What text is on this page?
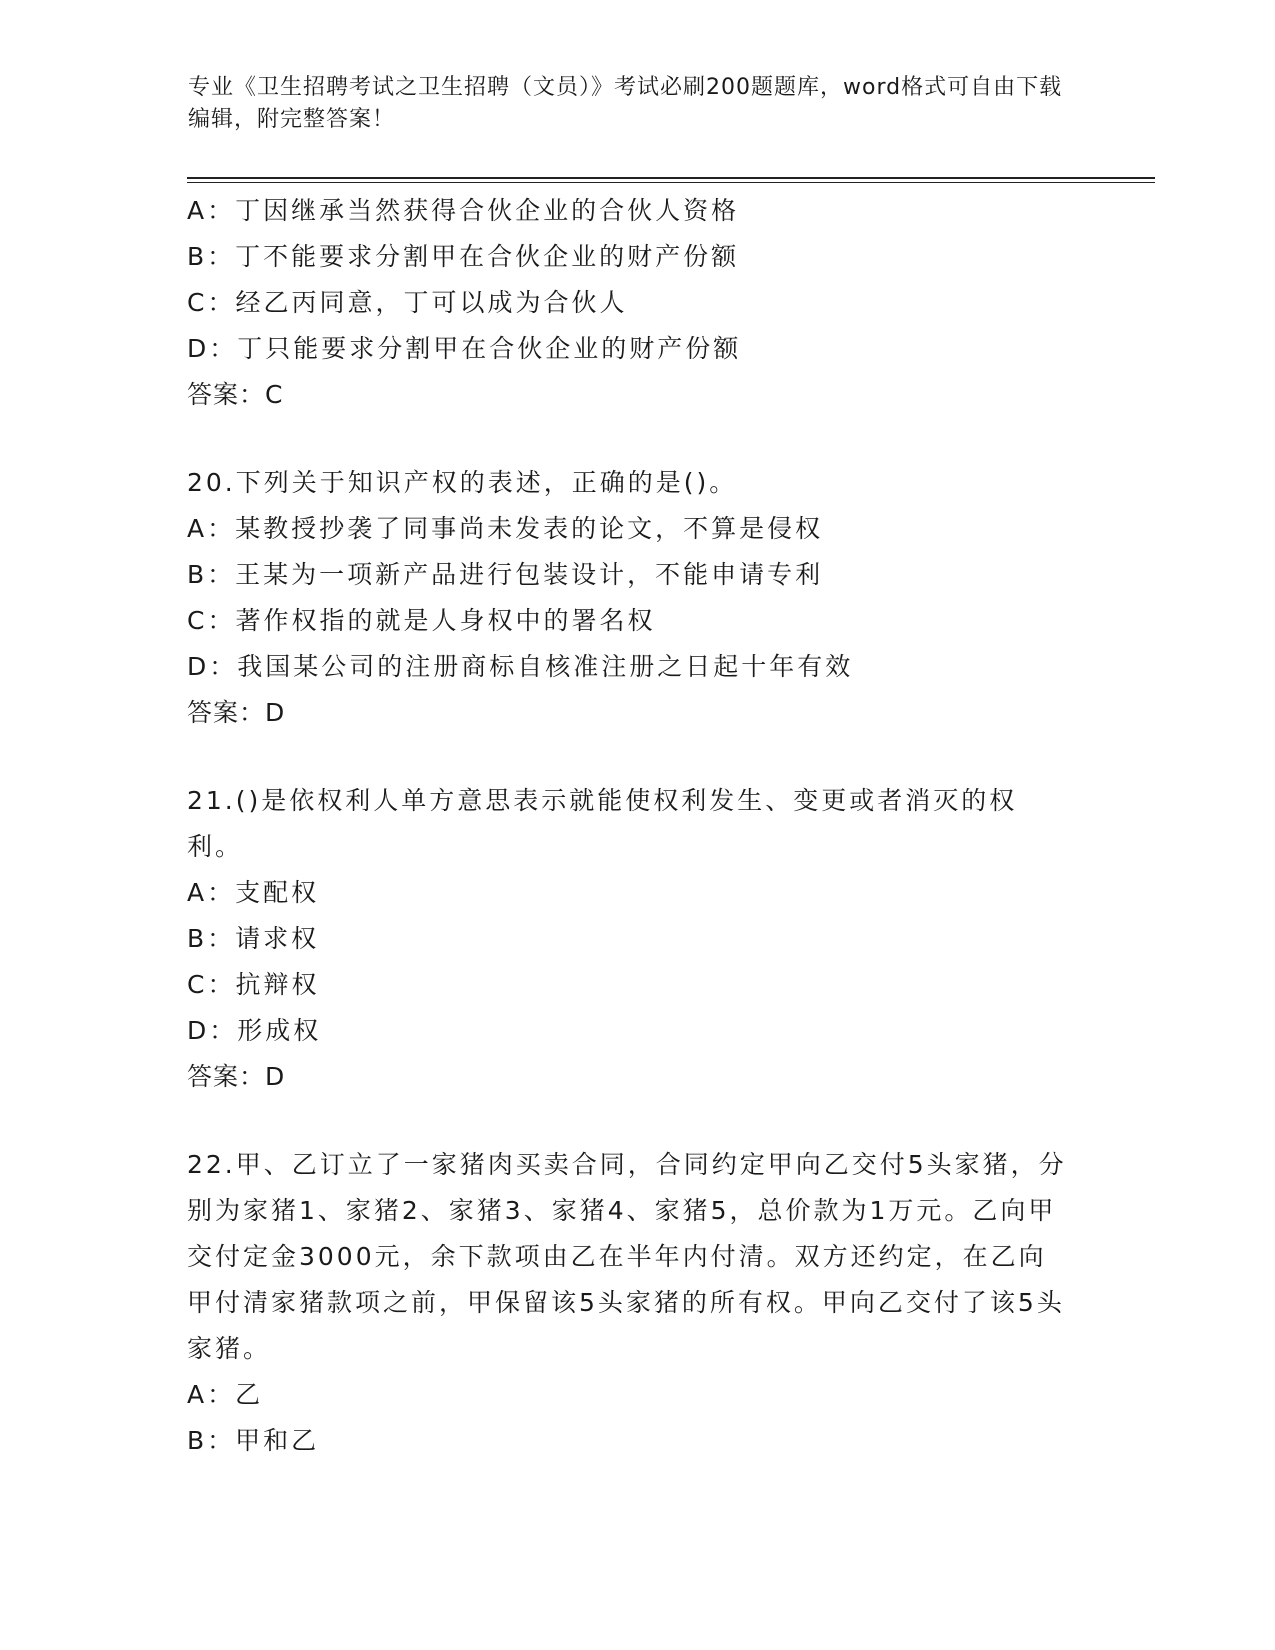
专业《卫生招聘考试之卫生招聘（文员）》考试必刷200题题库，word格式可自由下载编辑，附完整答案！
A：丁因继承当然获得合伙企业的合伙人资格
B：丁不能要求分割甲在合伙企业的财产份额
C：经乙丙同意，丁可以成为合伙人
D：丁只能要求分割甲在合伙企业的财产份额
答案：C
20.下列关于知识产权的表述，正确的是()。
A：某教授抄袭了同事尚未发表的论文，不算是侵权
B：王某为一项新产品进行包装设计，不能申请专利
C：著作权指的就是人身权中的署名权
D：我国某公司的注册商标自核准注册之日起十年有效
答案：D
21.()是依权利人单方意思表示就能使权利发生、变更或者消灭的权利。
A：支配权
B：请求权
C：抗辩权
D：形成权
答案：D
22.甲、乙订立了一家猪肉买卖合同，合同约定甲向乙交付5头家猪，分别为家猪1、家猪2、家猪3、家猪4、家猪5，总价款为1万元。乙向甲交付定金3000元，余下款项由乙在半年内付清。双方还约定，在乙向甲付清家猪款项之前，甲保留该5头家猪的所有权。甲向乙交付了该5头家猪。
A：乙
B：甲和乙
